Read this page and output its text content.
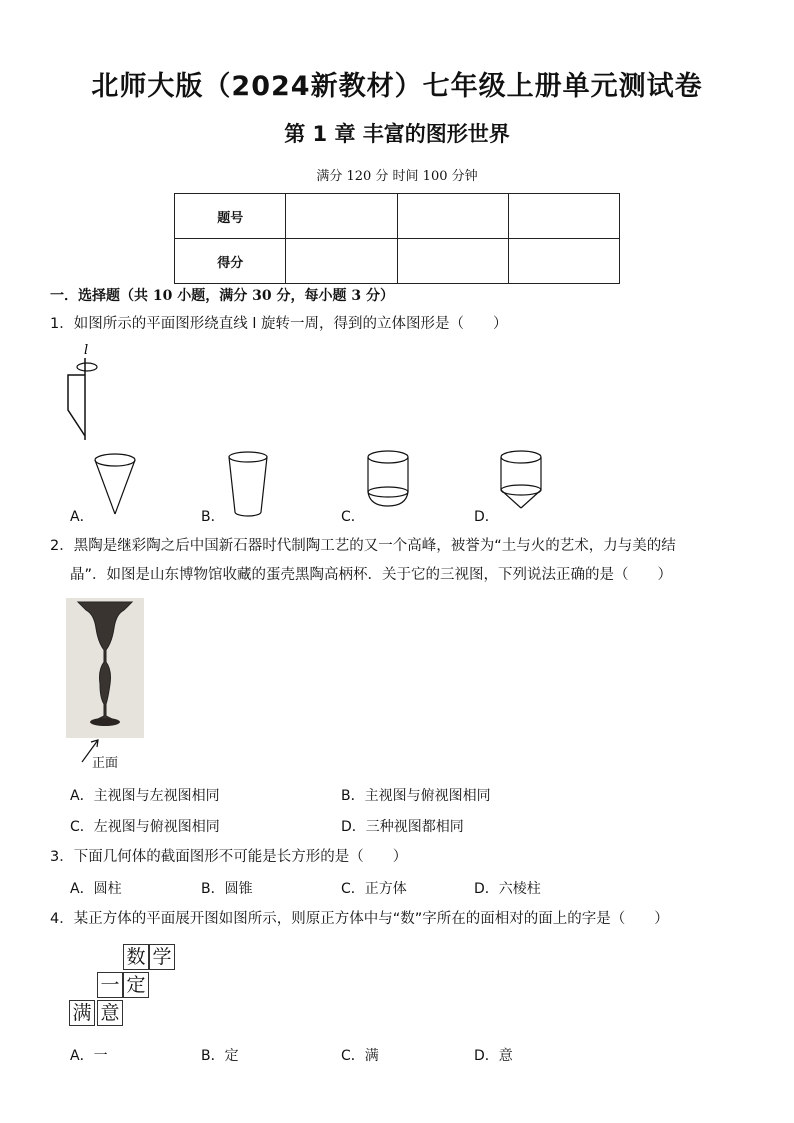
北师大版（2024新教材）七年级上册单元测试卷
第 1 章 丰富的图形世界
满分 120 分 时间 100 分钟
题号			
得分			
一．选择题（共 10 小题，满分 30 分，每小题 3 分）
1．如图所示的平面图形绕直线 l 旋转一周，得到的立体图形是（　　）
l
A．	B．	C．	D．
2．黑陶是继彩陶之后中国新石器时代制陶工艺的又一个高峰，被誉为“土与火的艺术，力与美的结
晶”．如图是山东博物馆收藏的蛋壳黑陶高柄杯．关于它的三视图，下列说法正确的是（　　）
正面
A．主视图与左视图相同	B．主视图与俯视图相同
C．左视图与俯视图相同	D．三种视图都相同
3．下面几何体的截面图形不可能是长方形的是（　　）
A．圆柱	B．圆锥	C．正方体	D．六棱柱
4．某正方体的平面展开图如图所示，则原正方体中与“数”字所在的面相对的面上的字是（　　）
数 学
一 定
满 意
A．一	B．定	C．满	D．意
